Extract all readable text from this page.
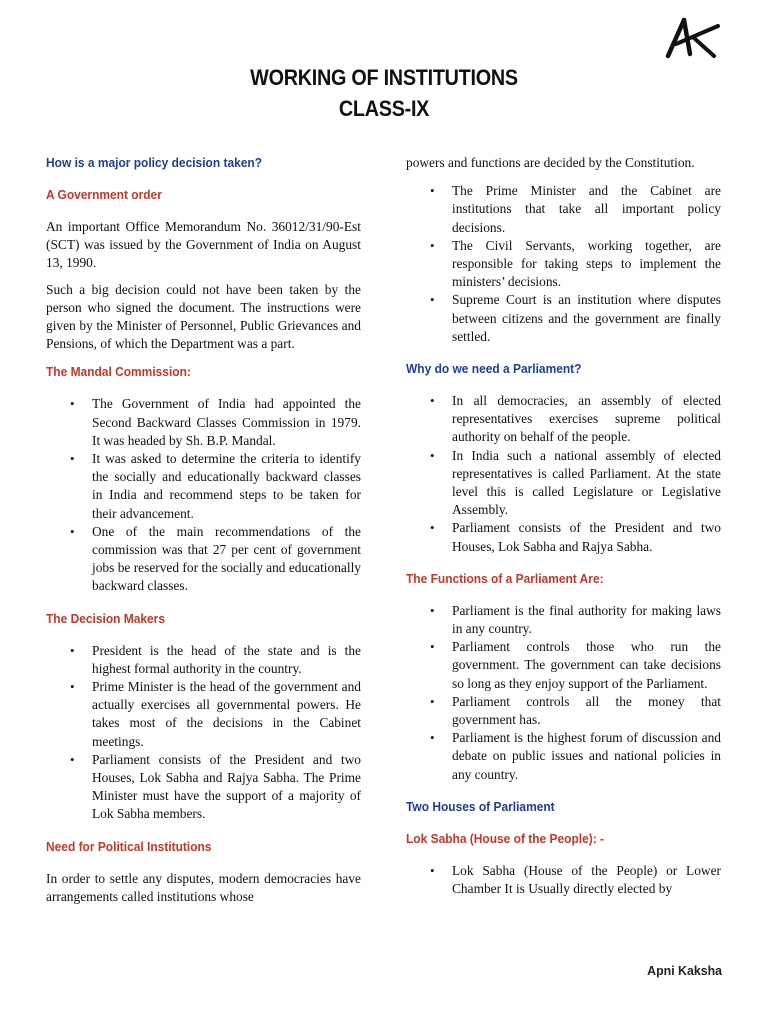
WORKING OF INSTITUTIONS
CLASS-IX
How is a major policy decision taken?
A Government order

An important Office Memorandum No. 36012/31/90-Est (SCT) was issued by the Government of India on August 13, 1990.

Such a big decision could not have been taken by the person who signed the document. The instructions were given by the Minister of Personnel, Public Grievances and Pensions, of which the Department was a part.

The Mandal Commission:
• The Government of India had appointed the Second Backward Classes Commission in 1979. It was headed by Sh. B.P. Mandal.
• It was asked to determine the criteria to identify the socially and educationally backward classes in India and recommend steps to be taken for their advancement.
• One of the main recommendations of the commission was that 27 per cent of government jobs be reserved for the socially and educationally backward classes.
The Decision Makers
• President is the head of the state and is the highest formal authority in the country.
• Prime Minister is the head of the government and actually exercises all governmental powers. He takes most of the decisions in the Cabinet meetings.
• Parliament consists of the President and two Houses, Lok Sabha and Rajya Sabha. The Prime Minister must have the support of a majority of Lok Sabha members.
Need for Political Institutions

In order to settle any disputes, modern democracies have arrangements called institutions whose

powers and functions are decided by the Constitution.

• The Prime Minister and the Cabinet are institutions that take all important policy decisions.
• The Civil Servants, working together, are responsible for taking steps to implement the ministers’ decisions.
• Supreme Court is an institution where disputes between citizens and the government are finally settled.
Why do we need a Parliament?
• In all democracies, an assembly of elected representatives exercises supreme political authority on behalf of the people.
• In India such a national assembly of elected representatives is called Parliament. At the state level this is called Legislature or Legislative Assembly.
• Parliament consists of the President and two Houses, Lok Sabha and Rajya Sabha.
The Functions of a Parliament Are:
• Parliament is the final authority for making laws in any country.
• Parliament controls those who run the government. The government can take decisions so long as they enjoy support of the Parliament.
• Parliament controls all the money that government has.
• Parliament is the highest forum of discussion and debate on public issues and national policies in any country.
Two Houses of Parliament
Lok Sabha (House of the People): -
• Lok Sabha (House of the People) or Lower Chamber It is Usually directly elected by
Apni Kaksha
